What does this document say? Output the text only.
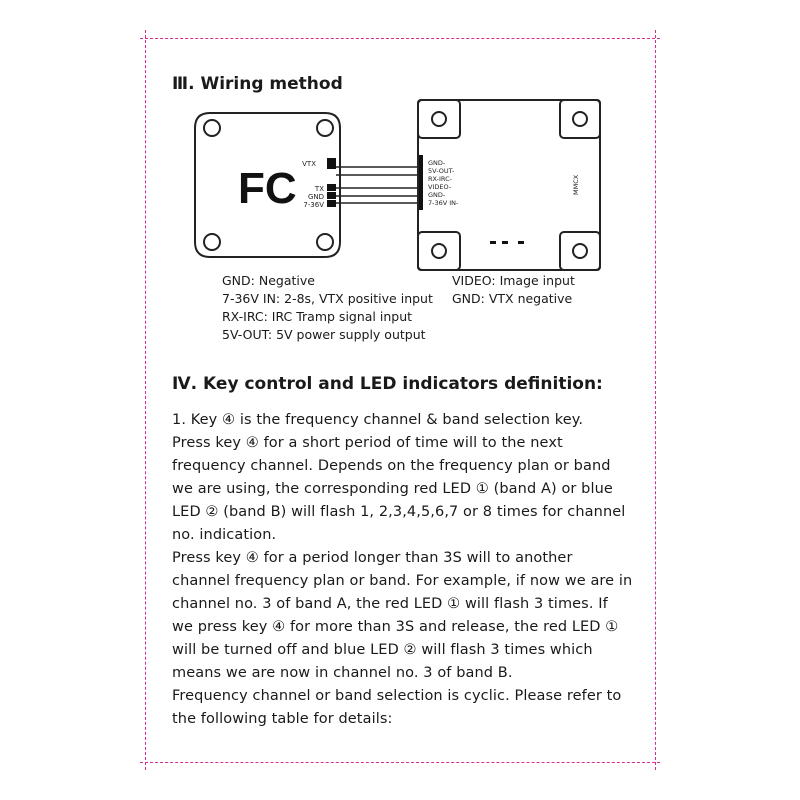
Ⅲ. Wiring method
FC VTX
TX
GND
7-36V
MMCX
GND-
5V-OUT-
RX-IRC-
VIDEO-
GND-
7-36V IN-
GND: Negative
7-36V IN: 2-8s, VTX positive input
RX-IRC: IRC Tramp signal input
5V-OUT: 5V power supply output
VIDEO: Image input
GND: VTX negative
Ⅳ. Key control and LED indicators definition:
1. Key ④ is the frequency channel & band selection key.
Press key ④ for a short period of time will to the next
frequency channel. Depends on the frequency plan or band
we are using, the corresponding red LED ① (band A) or blue
LED ② (band B) will flash 1, 2,3,4,5,6,7 or 8 times for channel
no. indication.
Press key ④ for a period longer than 3S will to another
channel frequency plan or band. For example, if now we are in
channel no. 3 of band A, the red LED ① will flash 3 times. If
we press key ④ for more than 3S and release, the red LED ①
will be turned off and blue LED ② will flash 3 times which
means we are now in channel no. 3 of band B.
Frequency channel or band selection is cyclic. Please refer to
the following table for details:
